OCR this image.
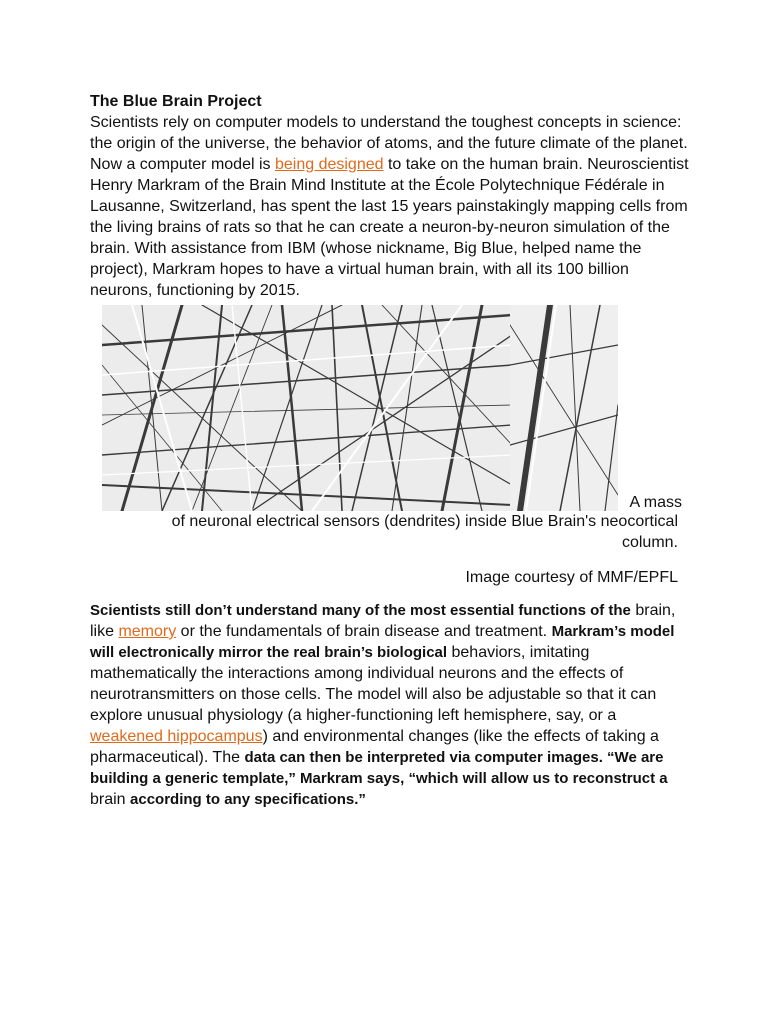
The Blue Brain Project

Scientists rely on computer models to understand the toughest concepts in science: the origin of the universe, the behavior of atoms, and the future climate of the planet. Now a computer model is being designed to take on the human brain. Neuroscientist Henry Markram of the Brain Mind Institute at the École Polytechnique Fédérale in Lausanne, Switzerland, has spent the last 15 years painstakingly mapping cells from the living brains of rats so that he can create a neuron-by-neuron simulation of the brain. With assistance from IBM (whose nickname, Big Blue, helped name the project), Markram hopes to have a virtual human brain, with all its 100 billion neurons, functioning by 2015.

A mass

of neuronal electrical sensors (dendrites) inside Blue Brain's neocortical column.

Image courtesy of MMF/EPFL

Scientists still don’t understand many of the most essential functions of the brain, like memory or the fundamentals of brain disease and treatment. Markram’s model will electronically mirror the real brain’s biological behaviors, imitating mathematically the interactions among individual neurons and the effects of neurotransmitters on those cells. The model will also be adjustable so that it can explore unusual physiology (a higher-functioning left hemisphere, say, or a weakened hippocampus) and environmental changes (like the effects of taking a pharmaceutical). The data can then be interpreted via computer images. “We are building a generic template,” Markram says, “which will allow us to reconstruct a brain according to any specifications.”
